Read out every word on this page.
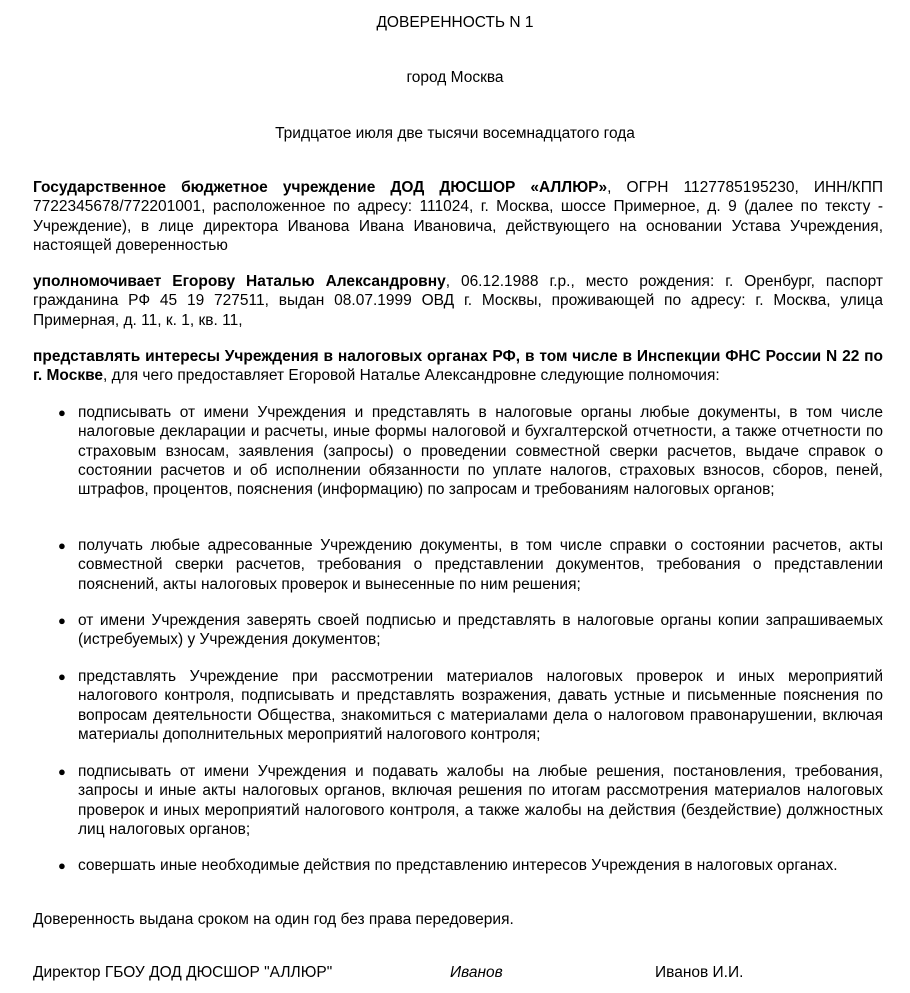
ДОВЕРЕННОСТЬ N 1
город Москва
Тридцатое июля две тысячи восемнадцатого года
Государственное бюджетное учреждение ДОД ДЮСШОР «АЛЛЮР», ОГРН 1127785195230, ИНН/КПП 7722345678/772201001, расположенное по адресу: 111024, г. Москва, шоссе Примерное, д. 9 (далее по тексту - Учреждение), в лице директора Иванова Ивана Ивановича, действующего на основании Устава Учреждения, настоящей доверенностью
уполномочивает Егорову Наталью Александровну, 06.12.1988 г.р., место рождения: г. Оренбург, паспорт гражданина РФ 45 19 727511, выдан 08.07.1999 ОВД г. Москвы, проживающей по адресу: г. Москва, улица Примерная, д. 11, к. 1, кв. 11,
представлять интересы Учреждения в налоговых органах РФ, в том числе в Инспекции ФНС России N 22 по г. Москве, для чего предоставляет Егоровой Наталье Александровне следующие полномочия:
● подписывать от имени Учреждения и представлять в налоговые органы любые документы, в том числе налоговые декларации и расчеты, иные формы налоговой и бухгалтерской отчетности, а также отчетности по страховым взносам, заявления (запросы) о проведении совместной сверки расчетов, выдаче справок о состоянии расчетов и об исполнении обязанности по уплате налогов, страховых взносов, сборов, пеней, штрафов, процентов, пояснения (информацию) по запросам и требованиям налоговых органов;
● получать любые адресованные Учреждению документы, в том числе справки о состоянии расчетов, акты совместной сверки расчетов, требования о представлении документов, требования о представлении пояснений, акты налоговых проверок и вынесенные по ним решения;
● от имени Учреждения заверять своей подписью и представлять в налоговые органы копии запрашиваемых (истребуемых) у Учреждения документов;
● представлять Учреждение при рассмотрении материалов налоговых проверок и иных мероприятий налогового контроля, подписывать и представлять возражения, давать устные и письменные пояснения по вопросам деятельности Общества, знакомиться с материалами дела о налоговом правонарушении, включая материалы дополнительных мероприятий налогового контроля;
● подписывать от имени Учреждения и подавать жалобы на любые решения, постановления, требования, запросы и иные акты налоговых органов, включая решения по итогам рассмотрения материалов налоговых проверок и иных мероприятий налогового контроля, а также жалобы на действия (бездействие) должностных лиц налоговых органов;
● совершать иные необходимые действия по представлению интересов Учреждения в налоговых органах.
Доверенность выдана сроком на один год без права передоверия.
Директор ГБОУ ДОД ДЮСШОР "АЛЛЮР"	Иванов	Иванов И.И.
